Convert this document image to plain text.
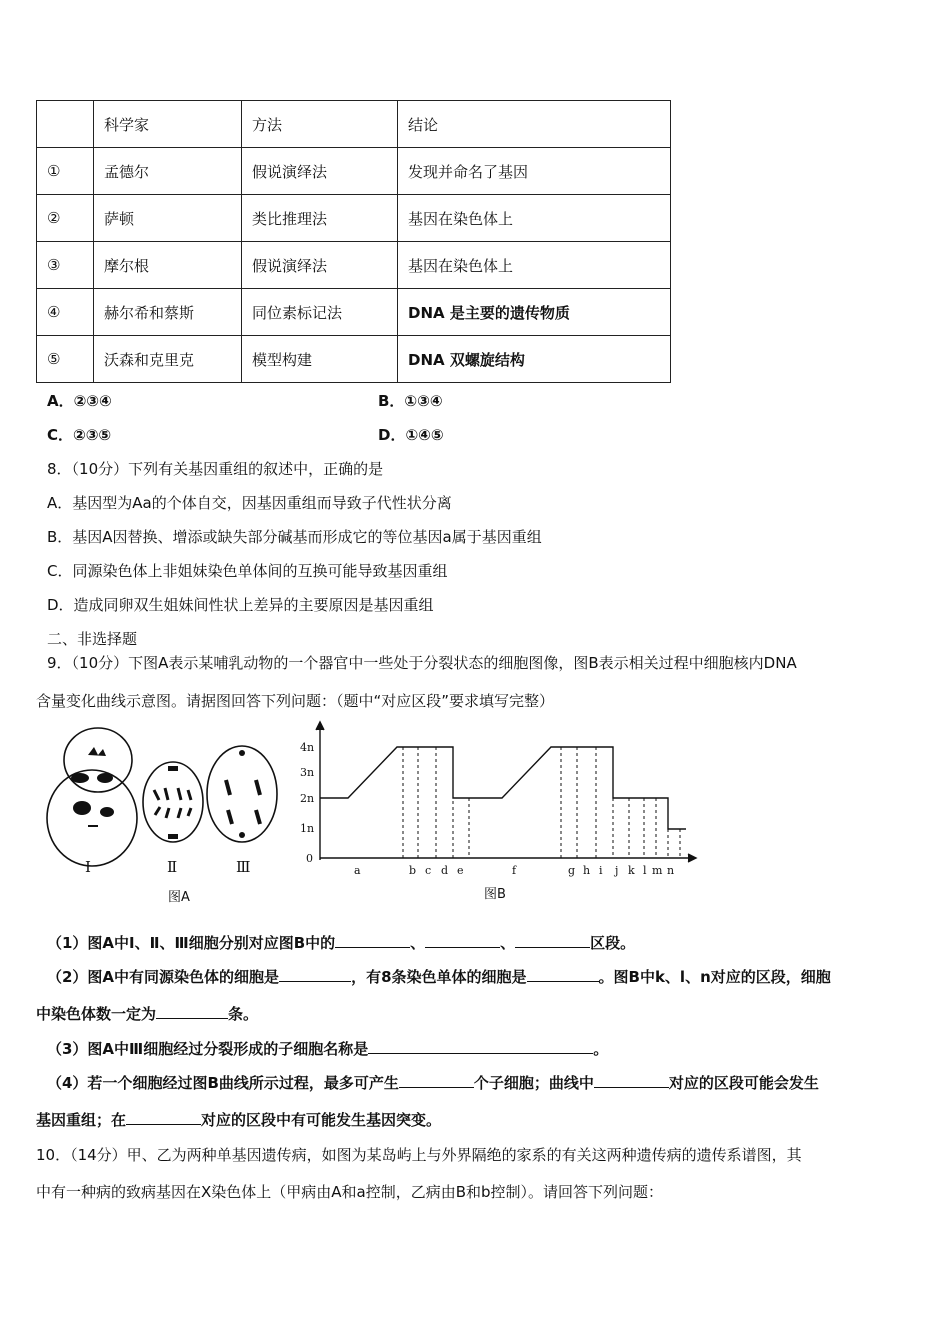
	科学家	方法	结论
①	孟德尔	假说演绎法	发现并命名了基因
②	萨顿	类比推理法	基因在染色体上
③	摩尔根	假说演绎法	基因在染色体上
④	赫尔希和蔡斯	同位素标记法	DNA 是主要的遗传物质
⑤	沃森和克里克	模型构建	DNA 双螺旋结构
A．②③④	B．①③④
C．②③⑤	D．①④⑤
8．（10分）下列有关基因重组的叙述中，正确的是
A．基因型为Aa的个体自交，因基因重组而导致子代性状分离
B．基因A因替换、增添或缺失部分碱基而形成它的等位基因a属于基因重组
C．同源染色体上非姐妹染色单体间的互换可能导致基因重组
D．造成同卵双生姐妹间性状上差异的主要原因是基因重组
二、非选择题
9．（10分）下图A表示某哺乳动物的一个器官中一些处于分裂状态的细胞图像，图B表示相关过程中细胞核内DNA
含量变化曲线示意图。请据图回答下列问题：（题中“对应区段”要求填写完整）
Ⅰ	Ⅱ	Ⅲ
图A
4n
3n
2n
1n
0
a	b c d e	f	g h i j k l m n
图B
（1）图A中Ⅰ、Ⅱ、Ⅲ细胞分别对应图B中的	、	、	区段。
（2）图A中有同源染色体的细胞是	，有8条染色单体的细胞是	。图B中k、l、n对应的区段，细胞
中染色体数一定为	条。
（3）图A中Ⅲ细胞经过分裂形成的子细胞名称是	。
（4）若一个细胞经过图B曲线所示过程，最多可产生	个子细胞；曲线中	对应的区段可能会发生
基因重组；在	对应的区段中有可能发生基因突变。
10．（14分）甲、乙为两种单基因遗传病，如图为某岛屿上与外界隔绝的家系的有关这两种遗传病的遗传系谱图，其
中有一种病的致病基因在X染色体上（甲病由A和a控制，乙病由B和b控制）。请回答下列问题：
